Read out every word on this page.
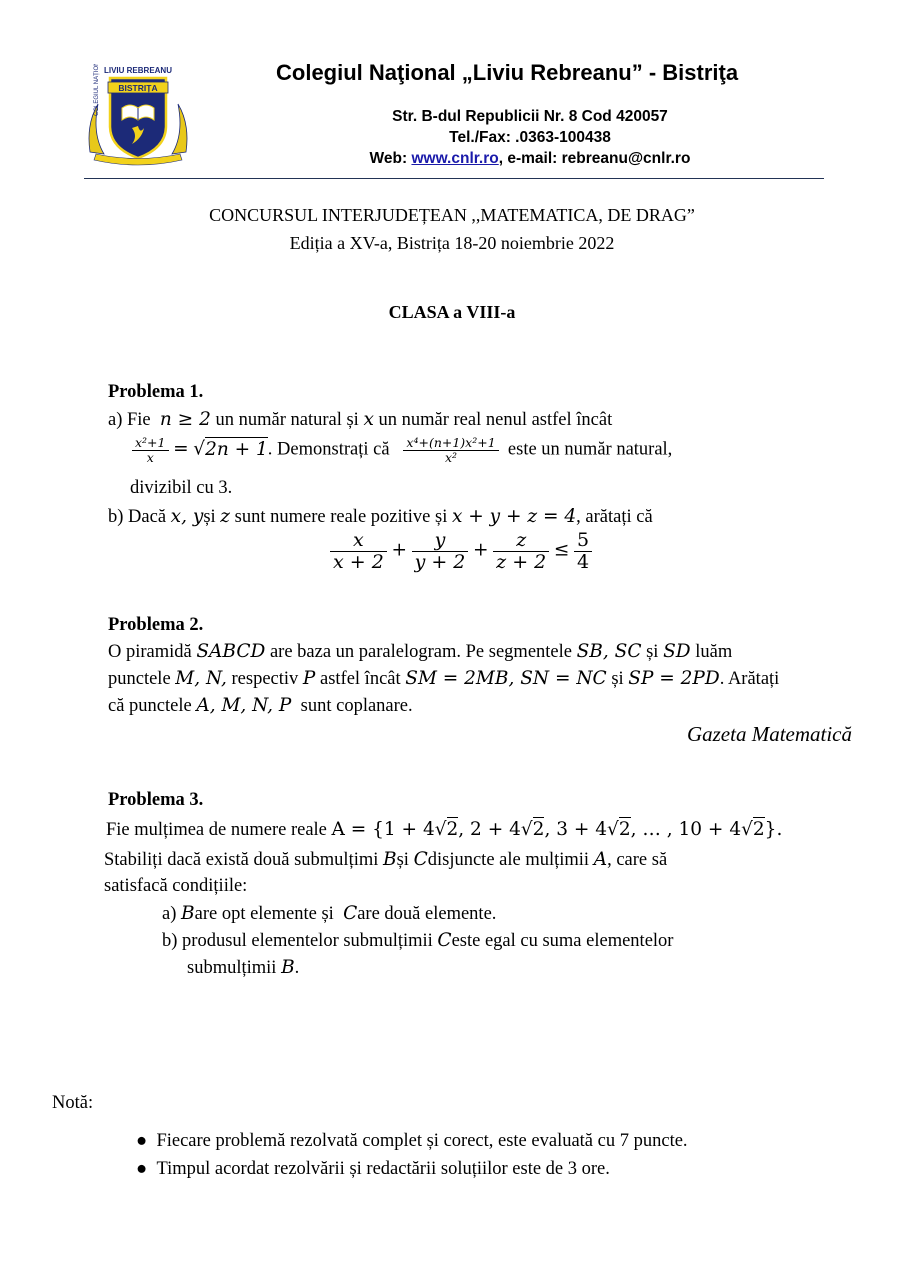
LIVIU REBREANU
BISTRIȚA
COLEGIUL NAȚIONAL	Colegiul Naţional „Liviu Rebreanu” - Bistriţa
Str. B-dul Republicii Nr. 8 Cod 420057
Tel./Fax: .0363-100438
Web: www.cnlr.ro, e-mail: rebreanu@cnlr.ro
CONCURSUL INTERJUDEȚEAN ,,MATEMATICA, DE DRAG”
Ediția a XV-a, Bistrița 18-20 noiembrie 2022
CLASA a VIII-a
Problema 1.
a) Fie n ≥ 2 un număr natural și x un număr real nenul astfel încât
$\frac{\text{x²+1}}{x} = √2n + 1$. Demonstrați că $\frac{\text{x⁴+(n+1)x²+1}}{\text{x²}}$ este un număr natural,
divizibil cu 3.
b) Dacă x, yși z sunt numere reale pozitive și x + y + z = 4, arătați că
$\frac{x}{x + 2} + \frac{y}{y + 2} + \frac{z}{z + 2} \le \frac{5}{4}$
Problema 2.
O piramidă SABCD are baza un paralelogram. Pe segmentele SB, SC și SD luăm
punctele M, N, respectiv P astfel încât SM = 2MB, SN = NC și SP = 2PD. Arătați
că punctele A, M, N, P sunt coplanare.
Gazeta Matematică
Problema 3.
Fie mulțimea de numere reale A = {1 + 4√2, 2 + 4√2, 3 + 4√2, … , 10 + 4√2}.
Stabiliți dacă există două submulțimi Bși Cdisjuncte ale mulțimii A, care să
satisfacă condițiile:
a) Bare opt elemente și Care două elemente.
b) produsul elementelor submulțimii Ceste egal cu suma elementelor
submulțimii B.
Notă:
● Fiecare problemă rezolvată complet și corect, este evaluată cu 7 puncte.
● Timpul acordat rezolvării și redactării soluțiilor este de 3 ore.
